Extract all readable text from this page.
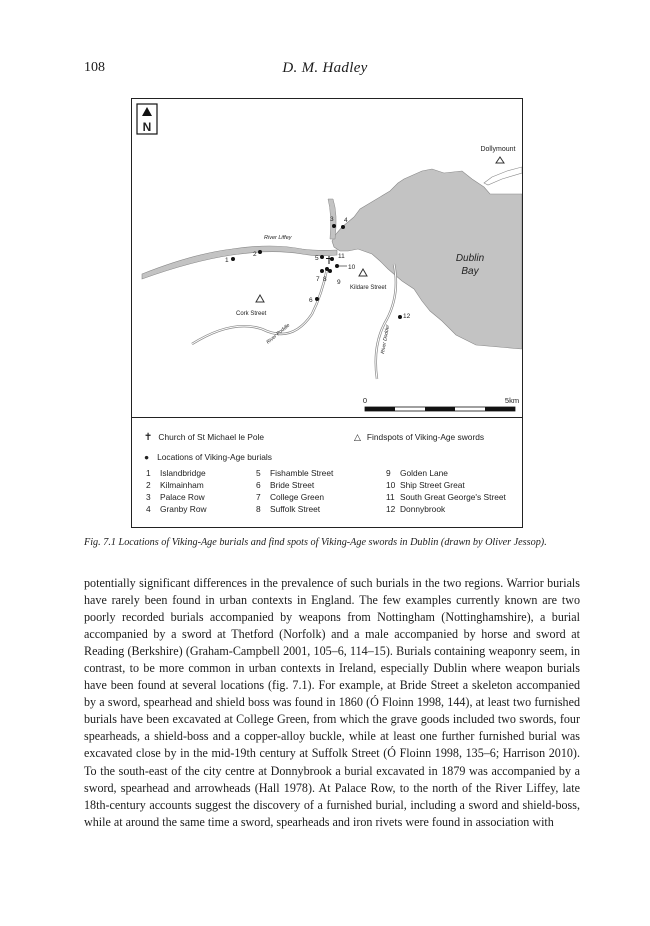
108	D. M. Hadley
N
Dollymount
Dublin
Bay
River Liffey
Kildare Street
Cork Street
River Poddle	River Dodder
1
2
3 4
5
6
7 8 9
10
11
12
0	5km
✝ Church of St Michael le Pole	△ Findspots of Viking-Age swords
● Locations of Viking-Age burials
1 Islandbridge
2 Kilmainham
3 Palace Row
4 Granby Row
5 Fishamble Street
6 Bride Street
7 College Green
8 Suffolk Street
9 Golden Lane
10 Ship Street Great
11 South Great George's Street
12 Donnybrook
Fig. 7.1 Locations of Viking-Age burials and find spots of Viking-Age swords in Dublin (drawn by Oliver Jessop).

potentially significant differences in the prevalence of such burials in the two regions. Warrior burials have rarely been found in urban contexts in England. The few examples currently known are two poorly recorded burials accompanied by weapons from Nottingham (Nottinghamshire), a burial accompanied by a sword at Thetford (Norfolk) and a male accompanied by horse and sword at Reading (Berkshire) (Graham-Campbell 2001, 105–6, 114–15). Burials containing weaponry seem, in contrast, to be more common in urban contexts in Ireland, especially Dublin where weapon burials have been found at several locations (fig. 7.1). For example, at Bride Street a skeleton accompanied by a sword, spearhead and shield boss was found in 1860 (Ó Floinn 1998, 144), at least two furnished burials have been excavated at College Green, from which the grave goods included two swords, four spearheads, a shield-boss and a copper-alloy buckle, while at least one further furnished burial was excavated close by in the mid-19th century at Suffolk Street (Ó Floinn 1998, 135–6; Harrison 2010). To the south-east of the city centre at Donnybrook a burial excavated in 1879 was accompanied by a sword, spearhead and arrowheads (Hall 1978). At Palace Row, to the north of the River Liffey, late 18th-century accounts suggest the discovery of a furnished burial, including a sword and shield-boss, while at around the same time a sword, spearheads and iron rivets were found in association with
